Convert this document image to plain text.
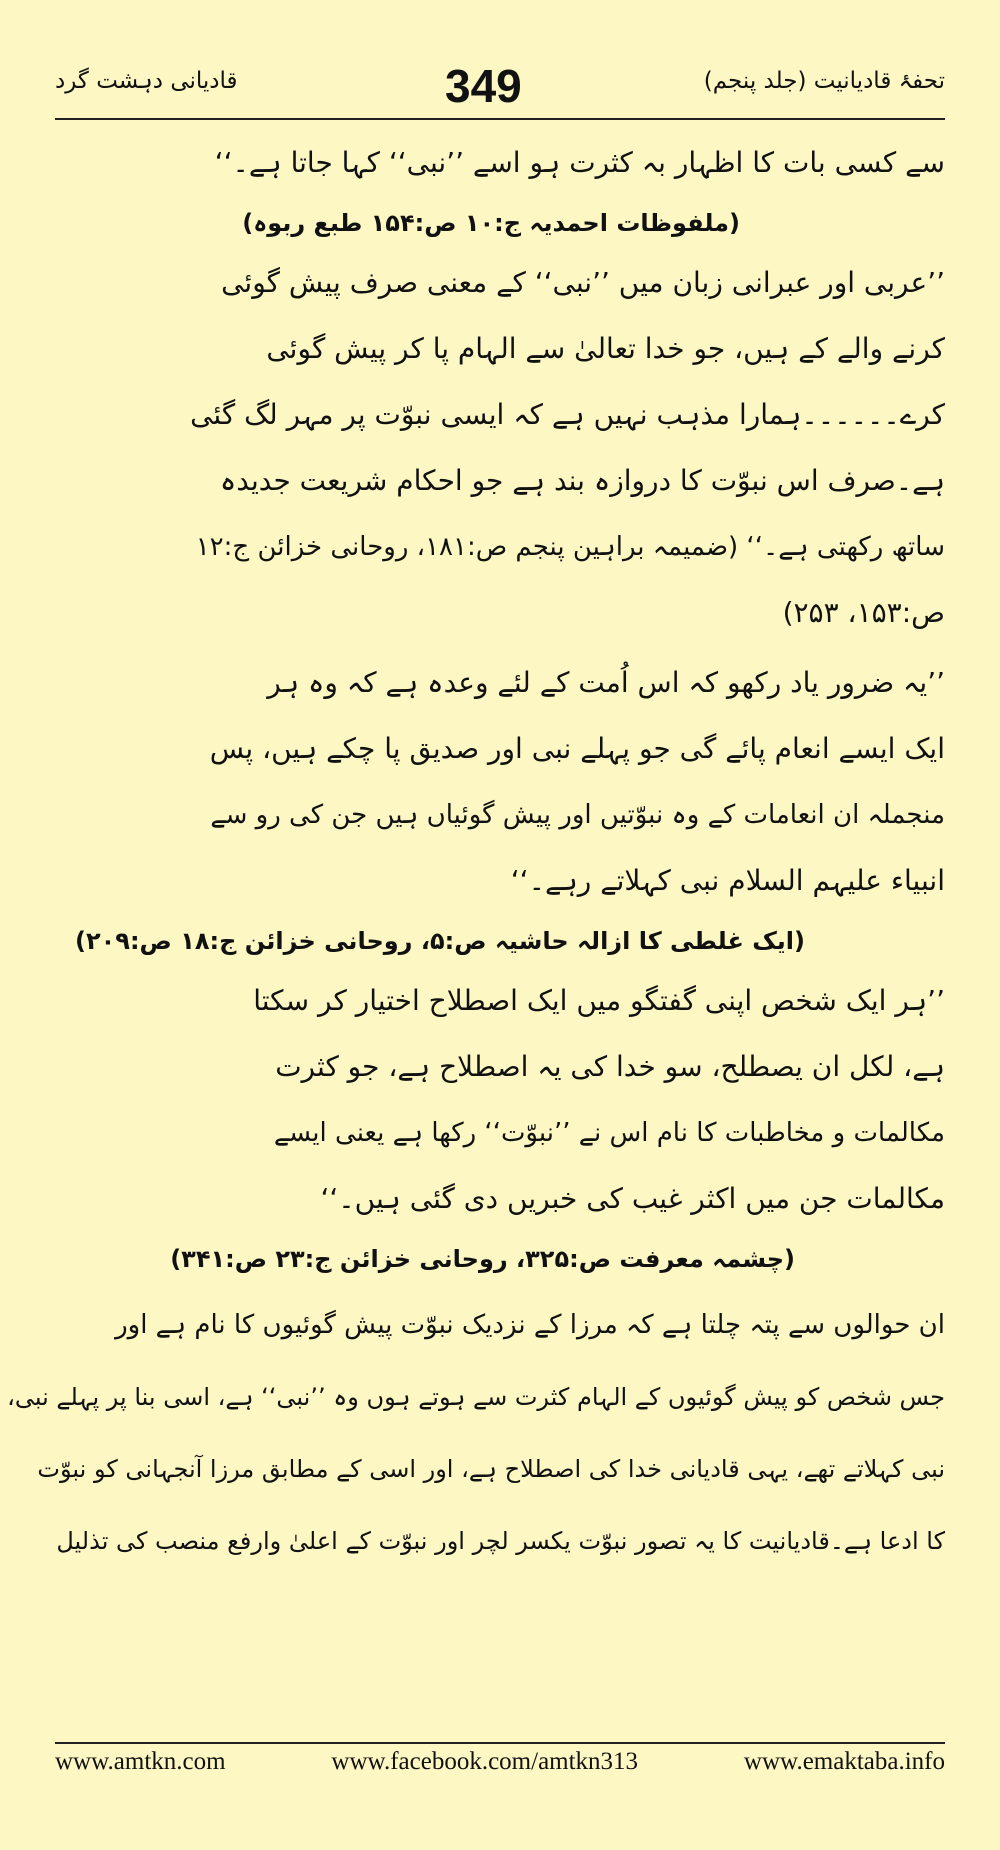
قادیانی دہشت گرد	349	تحفۂ قادیانیت (جلد پنجم)
سے کسی بات کا اظہار بہ کثرت ہو اسے ’’نبی‘‘ کہا جاتا ہے۔‘‘
(ملفوظات احمدیہ ج:۱۰ ص:۱۵۴ طبع ربوہ)
’’عربی اور عبرانی زبان میں ’’نبی‘‘ کے معنی صرف پیش گوئی
کرنے والے کے ہیں، جو خدا تعالیٰ سے الہام پا کر پیش گوئی
کرے۔۔۔۔۔۔ہمارا مذہب نہیں ہے کہ ایسی نبوّت پر مہر لگ گئی
ہے۔صرف اس نبوّت کا دروازہ بند ہے جو احکام شریعت جدیدہ
ساتھ رکھتی ہے۔‘‘ (ضمیمہ براہین پنجم ص:۱۸۱، روحانی خزائن ج:۱۲
ص:۱۵۳، ۲۵۳)
’’یہ ضرور یاد رکھو کہ اس اُمت کے لئے وعدہ ہے کہ وہ ہر
ایک ایسے انعام پائے گی جو پہلے نبی اور صدیق پا چکے ہیں، پس
منجملہ ان انعامات کے وہ نبوّتیں اور پیش گوئیاں ہیں جن کی رو سے
انبیاء علیہم السلام نبی کہلاتے رہے۔‘‘
(ایک غلطی کا ازالہ حاشیہ ص:۵، روحانی خزائن ج:۱۸ ص:۲۰۹)
’’ہر ایک شخص اپنی گفتگو میں ایک اصطلاح اختیار کر سکتا
ہے، لکل ان یصطلح، سو خدا کی یہ اصطلاح ہے، جو کثرت
مکالمات و مخاطبات کا نام اس نے ’’نبوّت‘‘ رکھا ہے یعنی ایسے
مکالمات جن میں اکثر غیب کی خبریں دی گئی ہیں۔‘‘
(چشمہ معرفت ص:۳۲۵، روحانی خزائن ج:۲۳ ص:۳۴۱)
ان حوالوں سے پتہ چلتا ہے کہ مرزا کے نزدیک نبوّت پیش گوئیوں کا نام ہے اور
جس شخص کو پیش گوئیوں کے الہام کثرت سے ہوتے ہوں وہ ’’نبی‘‘ ہے، اسی بنا پر پہلے نبی،
نبی کہلاتے تھے، یہی قادیانی خدا کی اصطلاح ہے، اور اسی کے مطابق مرزا آنجہانی کو نبوّت
کا ادعا ہے۔قادیانیت کا یہ تصور نبوّت یکسر لچر اور نبوّت کے اعلیٰ وارفع منصب کی تذلیل
www.amtkn.com	www.facebook.com/amtkn313	www.emaktaba.info
